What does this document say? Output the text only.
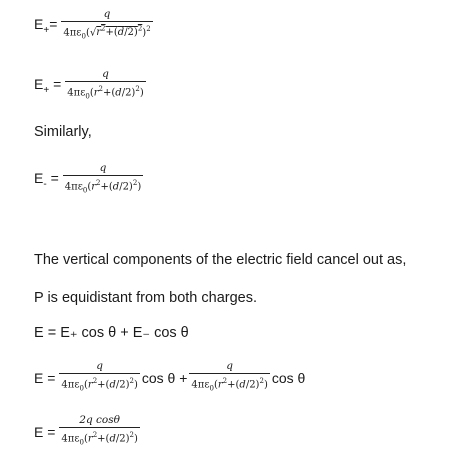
$E_+= \frac{q}{4\pi\varepsilon_0(√r^2+(d/2)^2)^2}$
$E_+ = \frac{q}{4\pi\varepsilon_0(r^2+(d/2)^2)}$
Similarly,
$E_- = \frac{q}{4\pi\varepsilon_0(r^2+(d/2)^2)}$
The vertical components of the electric field cancel out as,
P is equidistant from both charges.
E = E₊ cos θ + E₋ cos θ
$E = \frac{q}{4\pi\varepsilon_0(r^2+(d/2)^2)}$ $\cos \theta + \frac{q}{4\pi\varepsilon_0(r^2+(d/2)^2)}$ cos θ
$E = \frac{\text{2q cosθ}}{4\pi\varepsilon_0(r^2+(d/2)^2)}$
